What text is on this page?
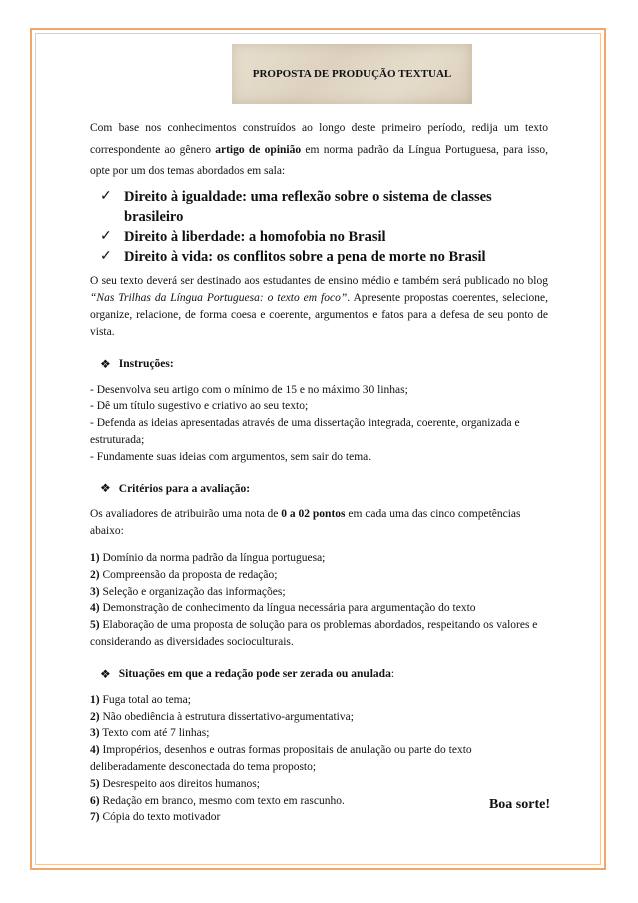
PROPOSTA DE PRODUÇÃO TEXTUAL

Com base nos conhecimentos construídos ao longo deste primeiro período, redija um texto correspondente ao gênero artigo de opinião em norma padrão da Língua Portuguesa, para isso, opte por um dos temas abordados em sala:

✓ Direito à igualdade: uma reflexão sobre o sistema de classes brasileiro
✓ Direito à liberdade: a homofobia no Brasil
✓ Direito à vida: os conflitos sobre a pena de morte no Brasil

O seu texto deverá ser destinado aos estudantes de ensino médio e também será publicado no blog “Nas Trilhas da Língua Portuguesa: o texto em foco”. Apresente propostas coerentes, selecione, organize, relacione, de forma coesa e coerente, argumentos e fatos para a defesa de seu ponto de vista.

❖ Instruções:
- Desenvolva seu artigo com o mínimo de 15 e no máximo 30 linhas;
- Dê um título sugestivo e criativo ao seu texto;
- Defenda as ideias apresentadas através de uma dissertação integrada, coerente, organizada e estruturada;
- Fundamente suas ideias com argumentos, sem sair do tema.
❖ Critérios para a avaliação:
Os avaliadores de atribuirão uma nota de 0 a 02 pontos em cada uma das cinco competências abaixo:
1) Domínio da norma padrão da língua portuguesa;
2) Compreensão da proposta de redação;
3) Seleção e organização das informações;
4) Demonstração de conhecimento da língua necessária para argumentação do texto
5) Elaboração de uma proposta de solução para os problemas abordados, respeitando os valores e considerando as diversidades socioculturais.
❖ Situações em que a redação pode ser zerada ou anulada :
1) Fuga total ao tema;
2) Não obediência à estrutura dissertativo-argumentativa;
3) Texto com até 7 linhas;
4) Impropérios, desenhos e outras formas propositais de anulação ou parte do texto deliberadamente desconectada do tema proposto;
5) Desrespeito aos direitos humanos;
6) Redação em branco, mesmo com texto em rascunho.
7) Cópia do texto motivador
Boa sorte!
